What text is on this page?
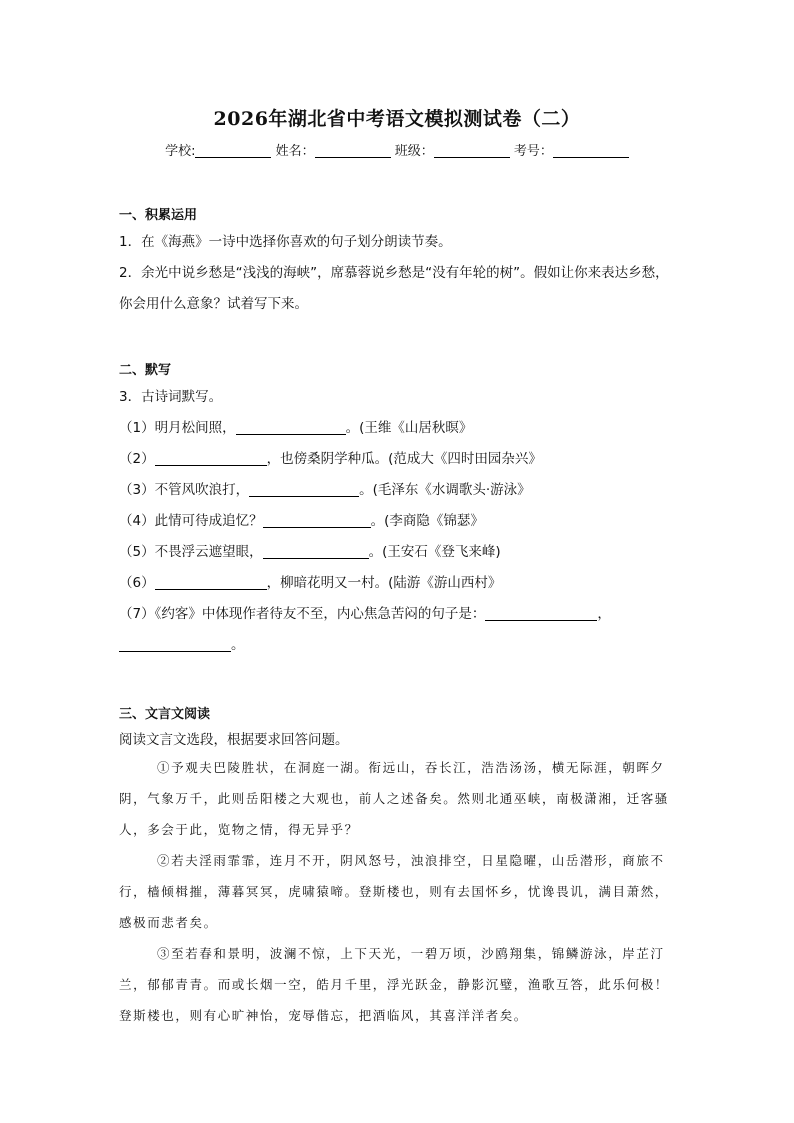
2026年湖北省中考语文模拟测试卷（二）
学校:	姓名：	班级：	考号：
一、积累运用
1．在《海燕》一诗中选择你喜欢的句子划分朗读节奏。
2．余光中说乡愁是“浅浅的海峡”，席慕蓉说乡愁是“没有年轮的树”。假如让你来表达乡愁，
你会用什么意象？试着写下来。
二、默写
3．古诗词默写。
（1）明月松间照，	。(王维《山居秋暝》
（2）	，也傍桑阴学种瓜。(范成大《四时田园杂兴》
（3）不管风吹浪打，	。(毛泽东《水调歌头·游泳》
（4）此情可待成追忆？	。(李商隐《锦瑟》
（5）不畏浮云遮望眼，	。(王安石《登飞来峰)
（6）	，柳暗花明又一村。(陆游《游山西村》
（7）《约客》中体现作者待友不至，内心焦急苦闷的句子是：	，
。
三、文言文阅读
阅读文言文选段，根据要求回答问题。

①予观夫巴陵胜状，在洞庭一湖。衔远山，吞长江，浩浩汤汤，横无际涯，朝晖夕阴，气象万千，此则岳阳楼之大观也，前人之述备矣。然则北通巫峡，南极潇湘，迁客骚人，多会于此，览物之情，得无异乎？

②若夫淫雨霏霏，连月不开，阴风怒号，浊浪排空，日星隐曜，山岳潜形，商旅不行，樯倾楫摧，薄暮冥冥，虎啸猿啼。登斯楼也，则有去国怀乡，忧谗畏讥，满目萧然，感极而悲者矣。

③至若春和景明，波澜不惊，上下天光，一碧万顷，沙鸥翔集，锦鳞游泳，岸芷汀兰，郁郁青青。而或长烟一空，皓月千里，浮光跃金，静影沉璧，渔歌互答，此乐何极！登斯楼也，则有心旷神怡，宠辱偕忘，把酒临风，其喜洋洋者矣。
